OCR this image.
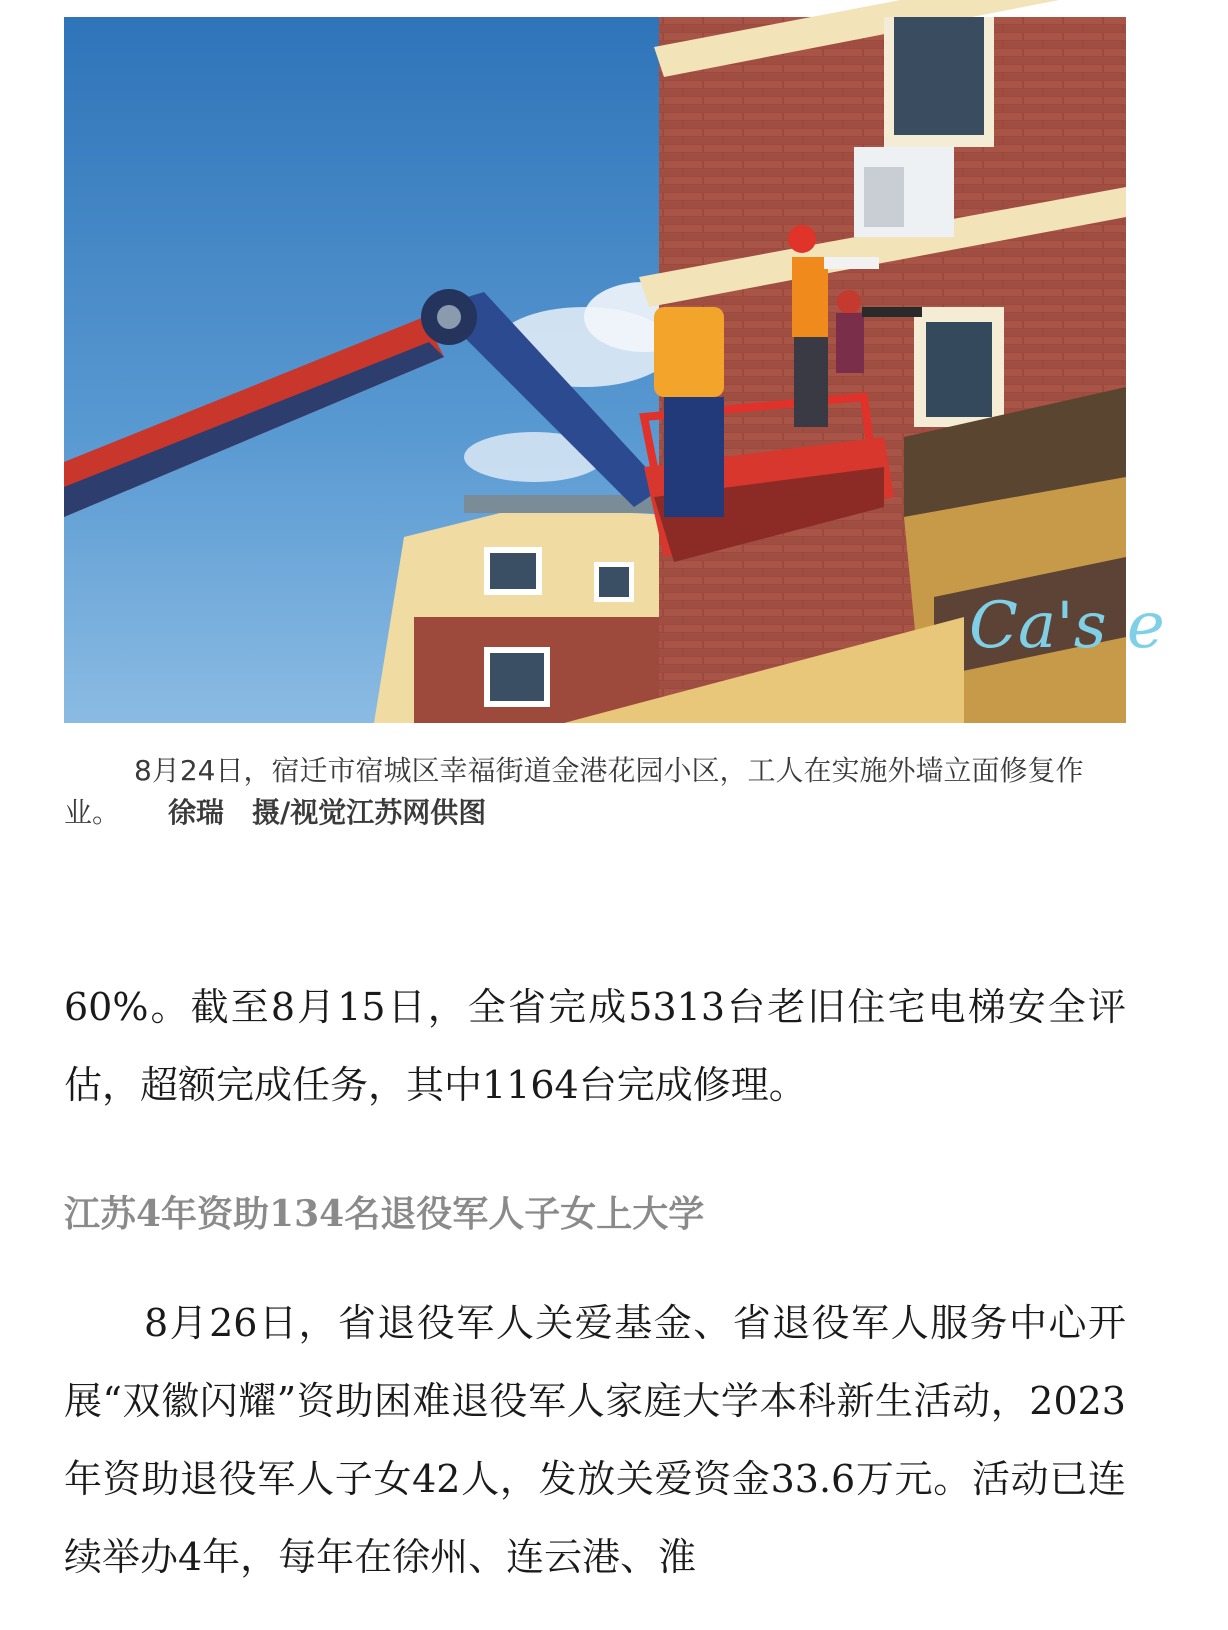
Ca's e
8月24日，宿迁市宿城区幸福街道金港花园小区，工人在实施外墙立面修复作业。 徐瑞　摄/视觉江苏网供图
60%。截至8月15日，全省完成5313台老旧住宅电梯安全评估，超额完成任务，其中1164台完成修理。
江苏4年资助134名退役军人子女上大学
8月26日，省退役军人关爱基金、省退役军人服务中心开展“双徽闪耀”资助困难退役军人家庭大学本科新生活动，2023年资助退役军人子女42人，发放关爱资金33.6万元。活动已连续举办4年，每年在徐州、连云港、淮
